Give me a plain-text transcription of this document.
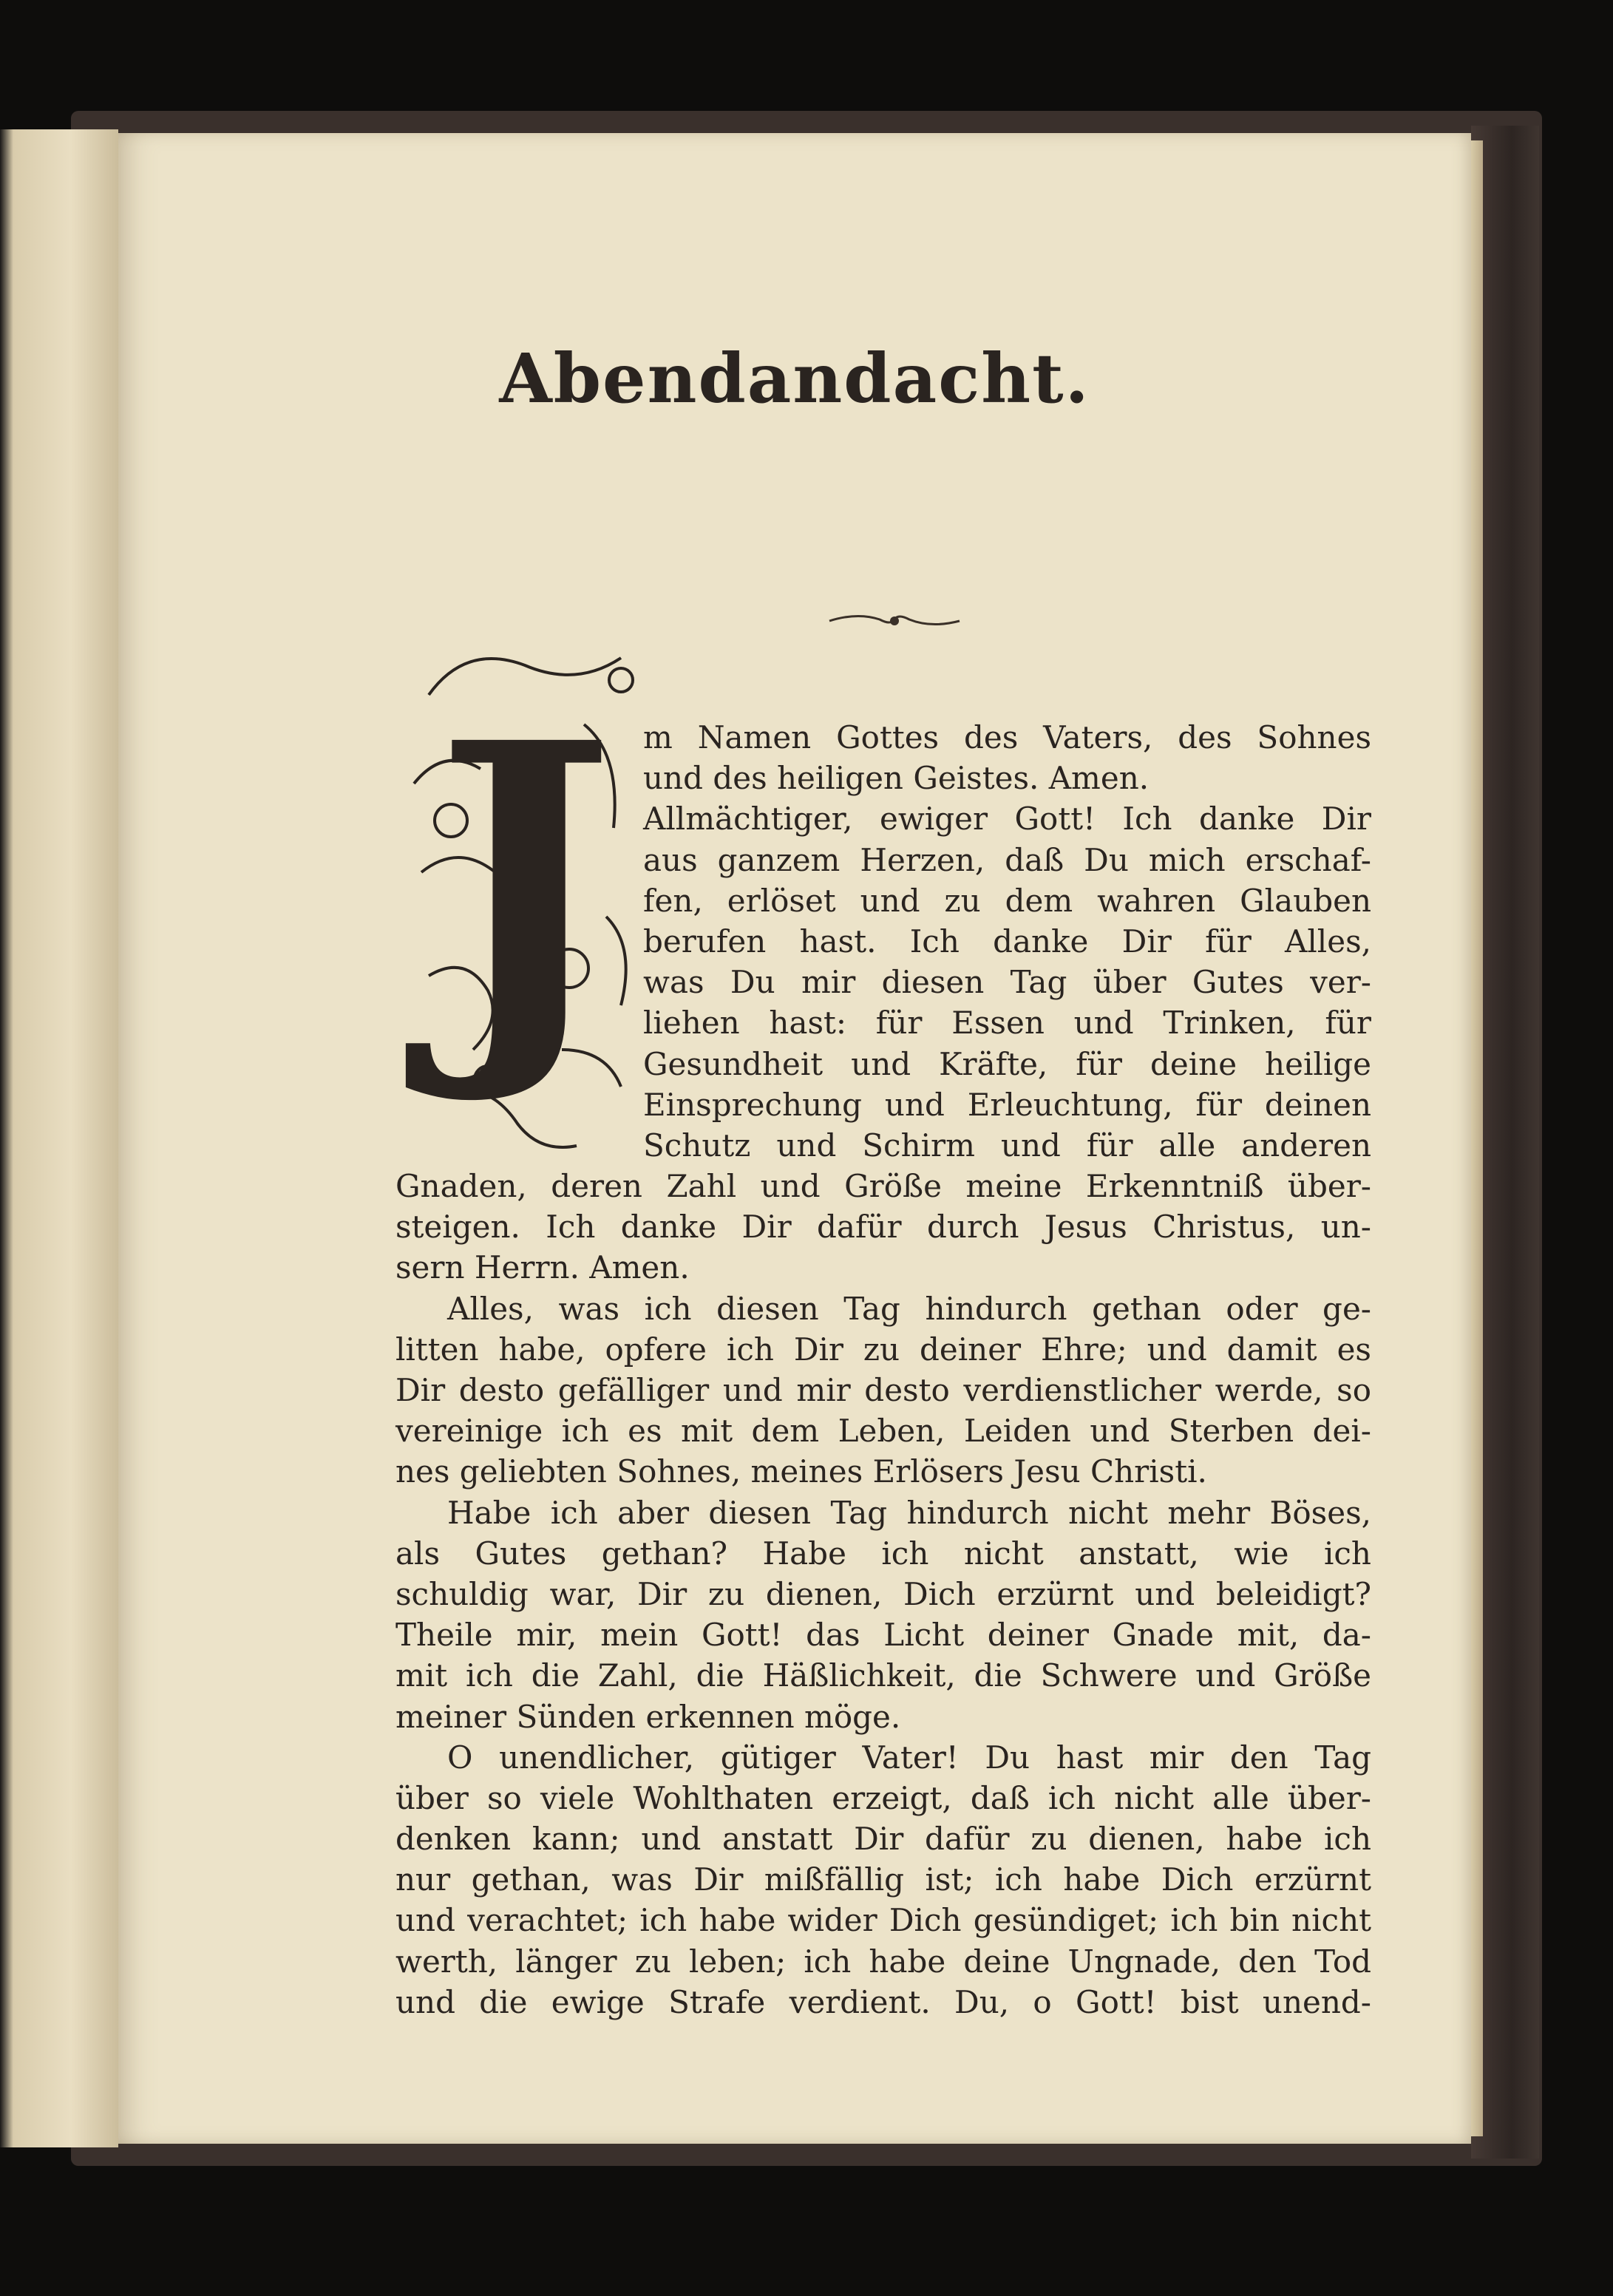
Abendandacht.
J m Namen Gottes des Vaters, des Sohnes
und des heiligen Geistes. Amen.
Allmächtiger, ewiger Gott! Ich danke Dir
aus ganzem Herzen, daß Du mich erschaf-
fen, erlöset und zu dem wahren Glauben
berufen hast. Ich danke Dir für Alles,
was Du mir diesen Tag über Gutes ver-
liehen hast: für Essen und Trinken, für
Gesundheit und Kräfte, für deine heilige
Einsprechung und Erleuchtung, für deinen
Schutz und Schirm und für alle anderen
Gnaden, deren Zahl und Größe meine Erkenntniß über-
steigen. Ich danke Dir dafür durch Jesus Christus, un-
sern Herrn. Amen.
Alles, was ich diesen Tag hindurch gethan oder ge-
litten habe, opfere ich Dir zu deiner Ehre; und damit es
Dir desto gefälliger und mir desto verdienstlicher werde, so
vereinige ich es mit dem Leben, Leiden und Sterben dei-
nes geliebten Sohnes, meines Erlösers Jesu Christi.
Habe ich aber diesen Tag hindurch nicht mehr Böses,
als Gutes gethan? Habe ich nicht anstatt, wie ich
schuldig war, Dir zu dienen, Dich erzürnt und beleidigt?
Theile mir, mein Gott! das Licht deiner Gnade mit, da-
mit ich die Zahl, die Häßlichkeit, die Schwere und Größe
meiner Sünden erkennen möge.
O unendlicher, gütiger Vater! Du hast mir den Tag
über so viele Wohlthaten erzeigt, daß ich nicht alle über-
denken kann; und anstatt Dir dafür zu dienen, habe ich
nur gethan, was Dir mißfällig ist; ich habe Dich erzürnt
und verachtet; ich habe wider Dich gesündiget; ich bin nicht
werth, länger zu leben; ich habe deine Ungnade, den Tod
und die ewige Strafe verdient. Du, o Gott! bist unend-
